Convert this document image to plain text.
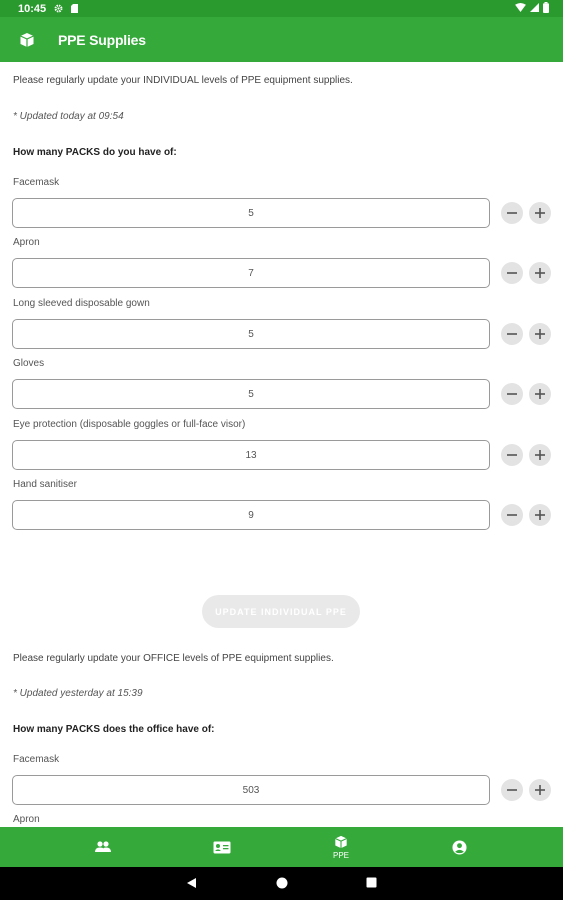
10:45
PPE Supplies
Please regularly update your INDIVIDUAL levels of PPE equipment supplies.
* Updated today at 09:54
How many PACKS do you have of:
Facemask
5
Apron
7
Long sleeved disposable gown
5
Gloves
5
Eye protection (disposable goggles or full-face visor)
13
Hand sanitiser
9
UPDATE INDIVIDUAL PPE
Please regularly update your OFFICE levels of PPE equipment supplies.
* Updated yesterday at 15:39
How many PACKS does the office have of:
Facemask
503
Apron
PPE
